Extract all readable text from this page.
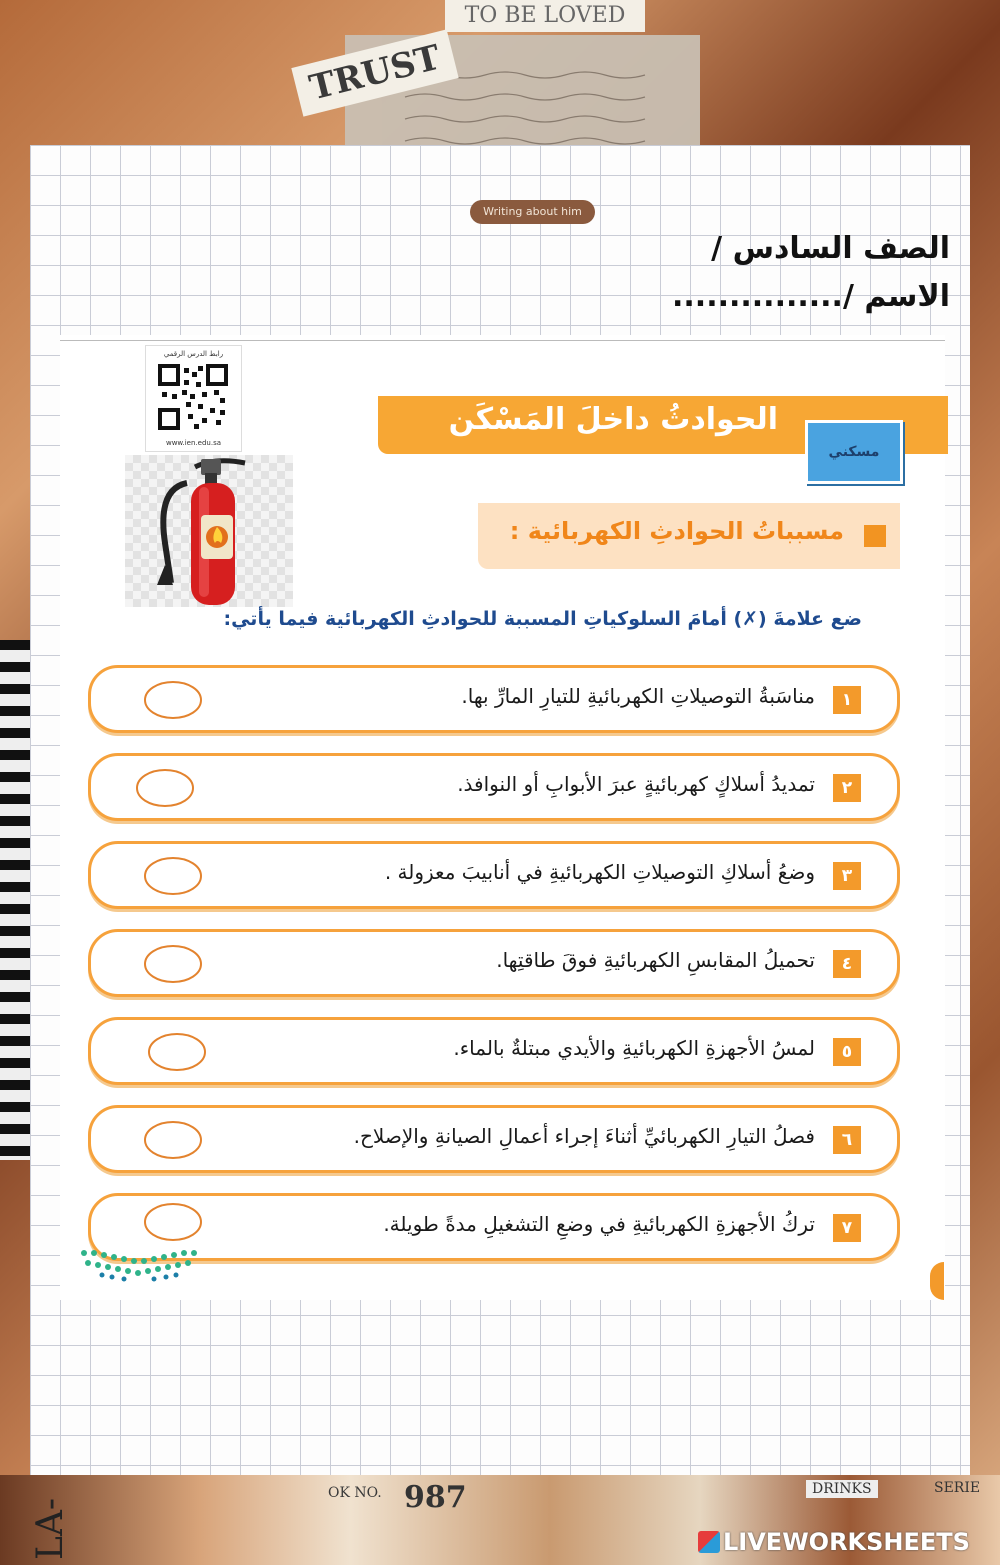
TO BE LOVED
TRUST
Writing about him
الصف السادس /
الاسم /...............
رابط الدرس الرقمي
www.ien.edu.sa
الحوادثُ داخلَ المَسْكَن
مسكني
مسبباتُ الحوادثِ الكهربائية :
ضع علامةَ (✗) أمامَ السلوكياتِ المسببة للحوادثِ الكهربائية فيما يأتي:
١
مناسَبةُ التوصيلاتِ الكهربائيةِ للتيارِ المارِّ بها.
٢
تمديدُ أسلاكٍ كهربائيةٍ عبرَ الأبوابِ أو النوافذ.
٣
وضعُ أسلاكِ التوصيلاتِ الكهربائيةِ في أنابيبَ معزولة .
٤
تحميلُ المقابسِ الكهربائيةِ فوقَ طاقتِها.
٥
لمسُ الأجهزةِ الكهربائيةِ والأيدي مبتلةٌ بالماء.
٦
فصلُ التيارِ الكهربائيِّ أثناءَ إجراء أعمالِ الصيانةِ والإصلاح.
٧
تركُ الأجهزةِ الكهربائيةِ في وضعِ التشغيلِ مدةً طويلة.
LA-
OK NO. 987	DRINKS	SERIE
LIVEWORKSHEETS
